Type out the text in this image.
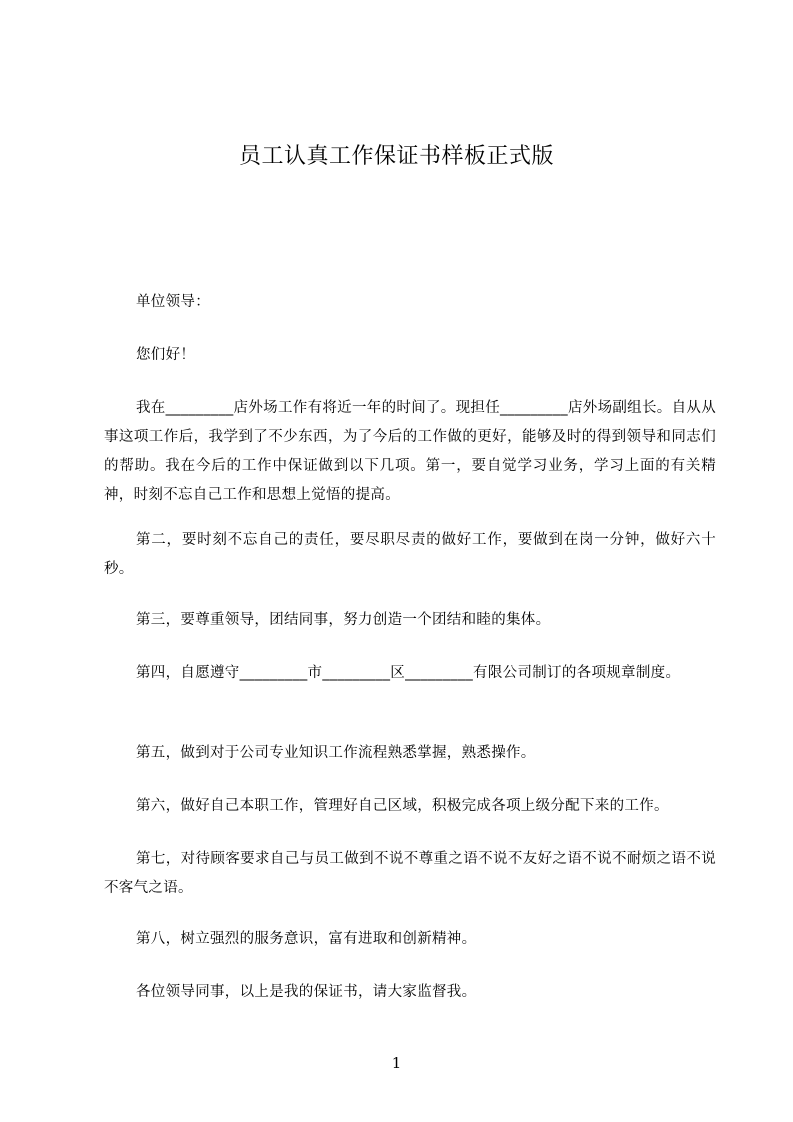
员工认真工作保证书样板正式版
单位领导：
您们好！
我在_________店外场工作有将近一年的时间了。现担任_________店外场副组长。自从从事这项工作后，我学到了不少东西，为了今后的工作做的更好，能够及时的得到领导和同志们的帮助。我在今后的工作中保证做到以下几项。第一，要自觉学习业务，学习上面的有关精神，时刻不忘自己工作和思想上觉悟的提高。
第二，要时刻不忘自己的责任，要尽职尽责的做好工作，要做到在岗一分钟，做好六十秒。
第三，要尊重领导，团结同事，努力创造一个团结和睦的集体。
第四，自愿遵守_________市_________区_________有限公司制订的各项规章制度。
第五，做到对于公司专业知识工作流程熟悉掌握，熟悉操作。
第六，做好自己本职工作，管理好自己区域，积极完成各项上级分配下来的工作。
第七，对待顾客要求自己与员工做到不说不尊重之语不说不友好之语不说不耐烦之语不说不客气之语。
第八，树立强烈的服务意识，富有进取和创新精神。
各位领导同事，以上是我的保证书，请大家监督我。
1
